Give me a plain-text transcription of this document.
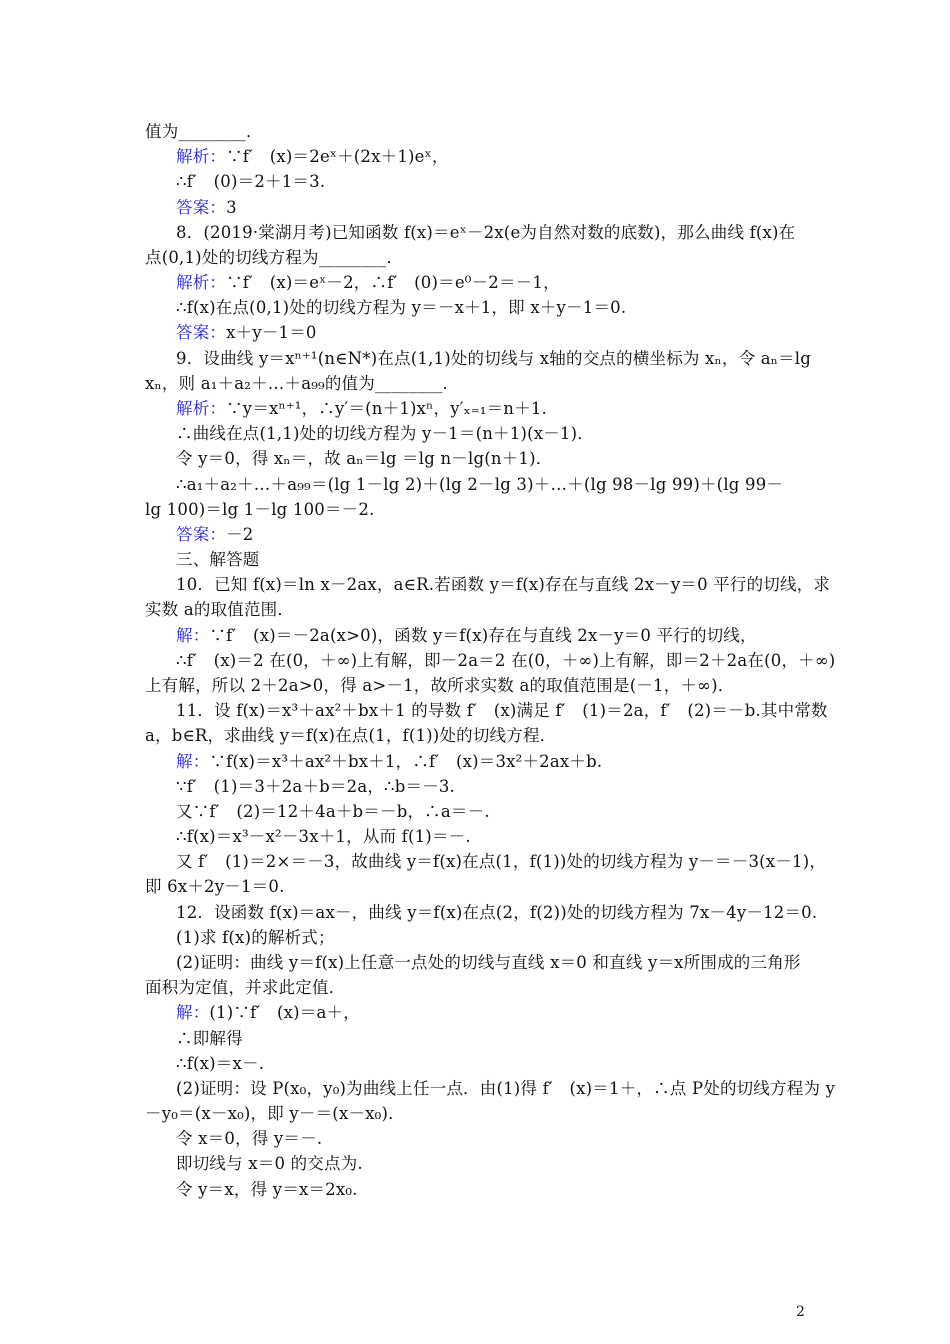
值为________．
解析：∵f′　(x)＝2eˣ＋(2x＋1)eˣ，
∴f′　(0)＝2＋1＝3.
答案：3
8．(2019·棠湖月考)已知函数 f(x)＝eˣ－2x(e为自然对数的底数)，那么曲线 f(x)在
点(0,1)处的切线方程为________．
解析：∵f′　(x)＝eˣ－2，∴f′　(0)＝e⁰－2＝－1，
∴f(x)在点(0,1)处的切线方程为 y＝－x＋1，即 x＋y－1＝0.
答案：x＋y－1＝0
9．设曲线 y＝xⁿ⁺¹(n∈N*)在点(1,1)处的切线与 x轴的交点的横坐标为 xₙ，令 aₙ＝lg
xₙ，则 a₁＋a₂＋…＋a₉₉的值为________．
解析：∵y＝xⁿ⁺¹，∴y′＝(n＋1)xⁿ，y′ₓ₌₁＝n＋1.
∴曲线在点(1,1)处的切线方程为 y－1＝(n＋1)(x－1)．
令 y＝0，得 xₙ＝，故 aₙ＝lg ＝lg n－lg(n＋1)．
∴a₁＋a₂＋…＋a₉₉＝(lg 1－lg 2)＋(lg 2－lg 3)＋…＋(lg 98－lg 99)＋(lg 99－
lg 100)＝lg 1－lg 100＝－2.
答案：－2
三、解答题
10．已知 f(x)＝ln x－2ax，a∈R.若函数 y＝f(x)存在与直线 2x－y＝0 平行的切线，求
实数 a的取值范围．
解：∵f′　(x)＝－2a(x>0)，函数 y＝f(x)存在与直线 2x－y＝0 平行的切线，
∴f′　(x)＝2 在(0，＋∞)上有解，即－2a＝2 在(0，＋∞)上有解，即＝2＋2a在(0，＋∞)
上有解，所以 2＋2a>0，得 a>－1，故所求实数 a的取值范围是(－1，＋∞)．
11．设 f(x)＝x³＋ax²＋bx＋1 的导数 f′　(x)满足 f′　(1)＝2a，f′　(2)＝－b.其中常数
a，b∈R，求曲线 y＝f(x)在点(1，f(1))处的切线方程．
解：∵f(x)＝x³＋ax²＋bx＋1，∴f′　(x)＝3x²＋2ax＋b.
∵f′　(1)＝3＋2a＋b＝2a，∴b＝－3.
又∵f′　(2)＝12＋4a＋b＝－b，∴a＝－.
∴f(x)＝x³－x²－3x＋1，从而 f(1)＝－.
又 f′　(1)＝2×＝－3，故曲线 y＝f(x)在点(1，f(1))处的切线方程为 y－＝－3(x－1)，
即 6x＋2y－1＝0.
12．设函数 f(x)＝ax－，曲线 y＝f(x)在点(2，f(2))处的切线方程为 7x－4y－12＝0.
(1)求 f(x)的解析式；
(2)证明：曲线 y＝f(x)上任意一点处的切线与直线 x＝0 和直线 y＝x所围成的三角形
面积为定值，并求此定值．
解：(1)∵f′　(x)＝a＋，
∴即解得
∴f(x)＝x－.
(2)证明：设 P(x₀，y₀)为曲线上任一点．由(1)得 f′　(x)＝1＋，∴点 P处的切线方程为 y
－y₀＝(x－x₀)，即 y－＝(x－x₀)．
令 x＝0，得 y＝－.
即切线与 x＝0 的交点为.
令 y＝x，得 y＝x＝2x₀.
2
